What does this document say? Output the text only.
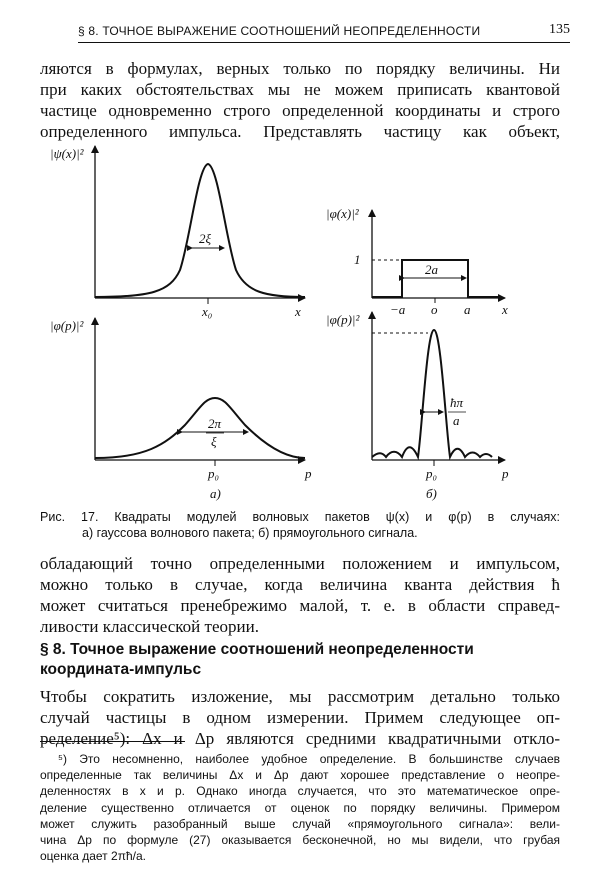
§ 8. ТОЧНОЕ ВЫРАЖЕНИЕ СООТНОШЕНИЙ НЕОПРЕДЕЛЕННОСТИ	135
ляются в формулах, верных только по порядку величины. Ни
при каких обстоятельствах мы не можем приписать квантовой
частице одновременно строго определенной координаты и строго
определенного импульса. Представлять частицу как объект,
|ψ(x)|²
2ξ
x₀	x
|φ(p)|²
2π
ξ
p₀	p
а)
|φ(x)|²
1
2a
−a o a x
|φ(p)|²
ħπ
a
p₀	p
б)
Рис. 17. Квадраты модулей волновых пакетов ψ(x) и φ(p) в случаях:
а) гауссова волнового пакета; б) прямоугольного сигнала.
обладающий точно определенными положением и импульсом,
можно только в случае, когда величина кванта действия ħ
может считаться пренебрежимо малой, т. е. в области справед-
ливости классической теории.
§ 8. Точное выражение соотношений неопределенности
координата-импульс
Чтобы сократить изложение, мы рассмотрим детально только
случай частицы в одном измерении. Примем следующее оп-
ределение⁵): Δx и Δp являются средними квадратичными откло-
⁵) Это несомненно, наиболее удобное определение. В большинстве случаев
определенные так величины Δx и Δp дают хорошее представление о неопре-
деленностях в x и p. Однако иногда случается, что это математическое опре-
деление существенно отличается от оценок по порядку величины. Примером
может служить разобранный выше случай «прямоугольного сигнала»: вели-
чина Δp по формуле (27) оказывается бесконечной, но мы видели, что грубая
оценка дает 2πħ/a.
